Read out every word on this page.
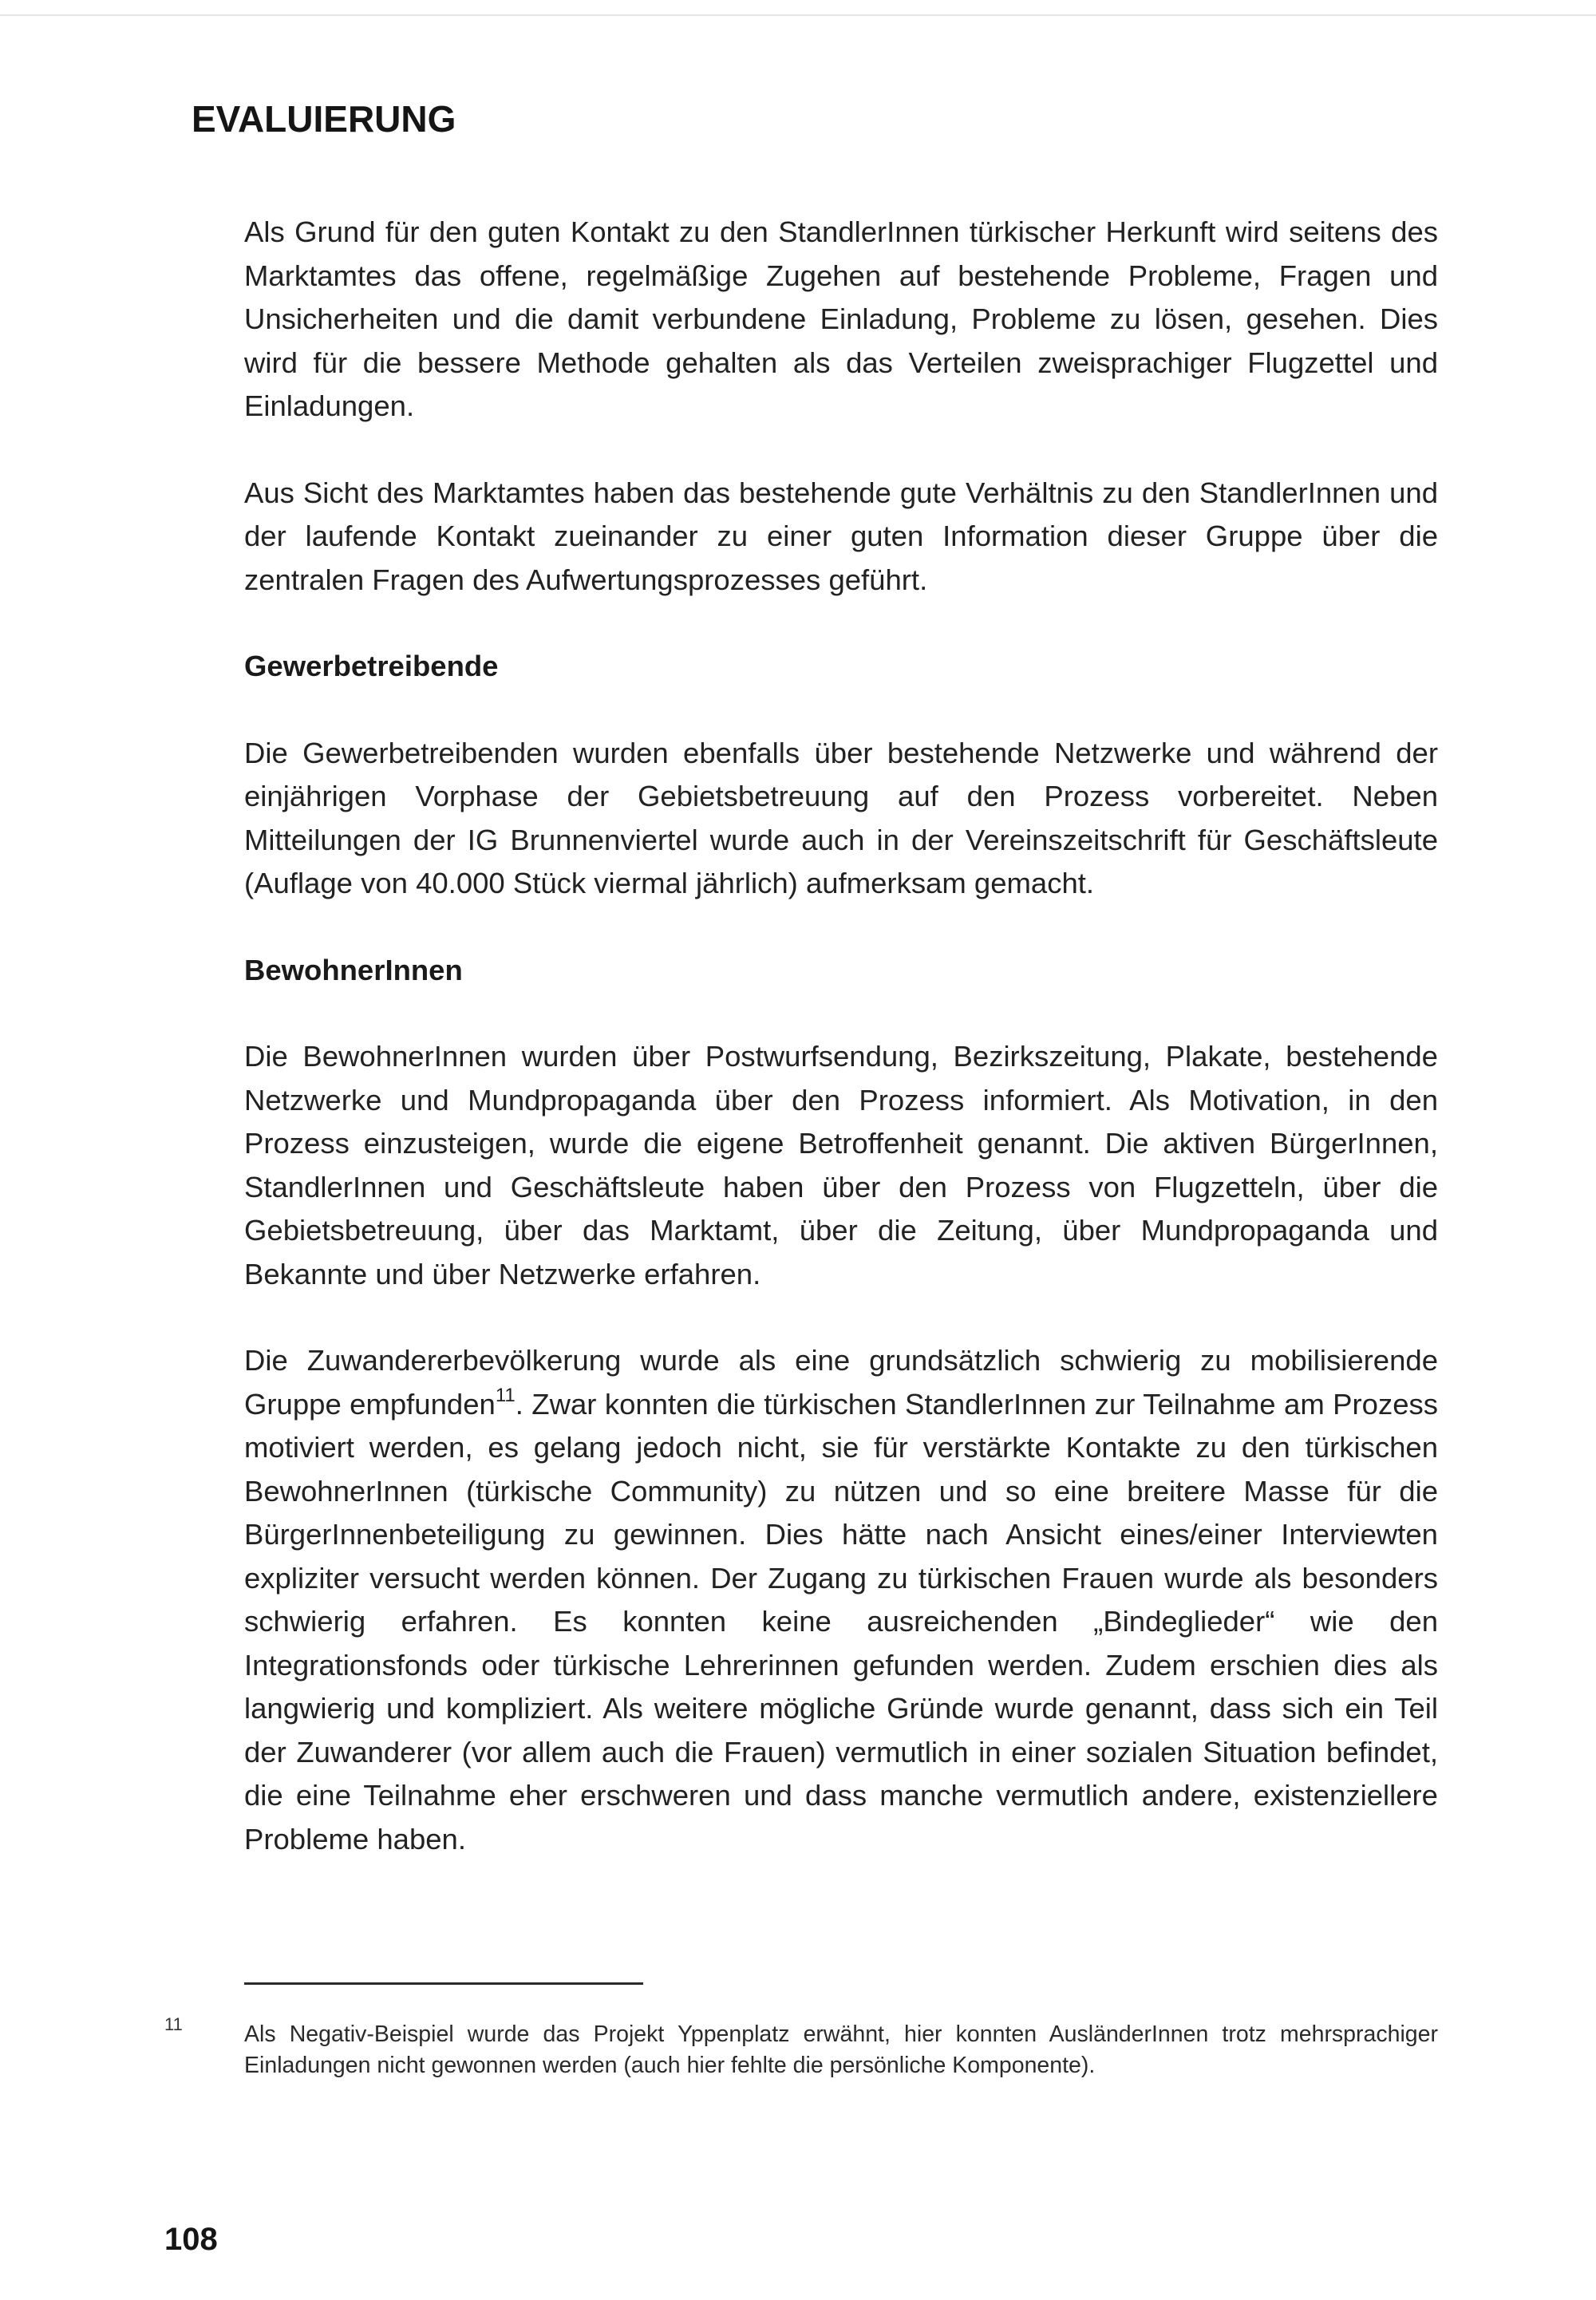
EVALUIERUNG

Als Grund für den guten Kontakt zu den StandlerInnen türkischer Herkunft wird seitens des Marktamtes das offene, regelmäßige Zugehen auf bestehende Probleme, Fragen und Unsicherheiten und die damit verbundene Einladung, Probleme zu lösen, gesehen. Dies wird für die bessere Methode gehalten als das Verteilen zweisprachiger Flugzettel und Einladungen.

Aus Sicht des Marktamtes haben das bestehende gute Verhältnis zu den StandlerInnen und der laufende Kontakt zueinander zu einer guten Information dieser Gruppe über die zentralen Fragen des Aufwertungsprozesses geführt.

Gewerbetreibende

Die Gewerbetreibenden wurden ebenfalls über bestehende Netzwerke und während der einjährigen Vorphase der Gebietsbetreuung auf den Prozess vorbereitet. Neben Mitteilungen der IG Brunnenviertel wurde auch in der Vereinszeitschrift für Geschäftsleute (Auflage von 40.000 Stück viermal jährlich) aufmerksam gemacht.

BewohnerInnen

Die BewohnerInnen wurden über Postwurfsendung, Bezirkszeitung, Plakate, bestehende Netzwerke und Mundpropaganda über den Prozess informiert. Als Motivation, in den Prozess einzusteigen, wurde die eigene Betroffenheit genannt. Die aktiven BürgerInnen, StandlerInnen und Geschäftsleute haben über den Prozess von Flugzetteln, über die Gebietsbetreuung, über das Marktamt, über die Zeitung, über Mundpropaganda und Bekannte und über Netzwerke erfahren.

Die Zuwandererbevölkerung wurde als eine grundsätzlich schwierig zu mobilisierende Gruppe empfunden$^{11}$. Zwar konnten die türkischen StandlerInnen zur Teilnahme am Prozess motiviert werden, es gelang jedoch nicht, sie für verstärkte Kontakte zu den türkischen BewohnerInnen (türkische Community) zu nützen und so eine breitere Masse für die BürgerInnenbeteiligung zu gewinnen. Dies hätte nach Ansicht eines/einer Interviewten expliziter versucht werden können. Der Zugang zu türkischen Frauen wurde als besonders schwierig erfahren. Es konnten keine ausreichenden „Bindeglieder“ wie den Integrationsfonds oder türkische Lehrerinnen gefunden werden. Zudem erschien dies als langwierig und kompliziert. Als weitere mögliche Gründe wurde genannt, dass sich ein Teil der Zuwanderer (vor allem auch die Frauen) vermutlich in einer sozialen Situation befindet, die eine Teilnahme eher erschweren und dass manche vermutlich andere, existenziellere Probleme haben.

11	Als Negativ-Beispiel wurde das Projekt Yppenplatz erwähnt, hier konnten AusländerInnen trotz mehrsprachiger Einladungen nicht gewonnen werden (auch hier fehlte die persönliche Komponente).

108
